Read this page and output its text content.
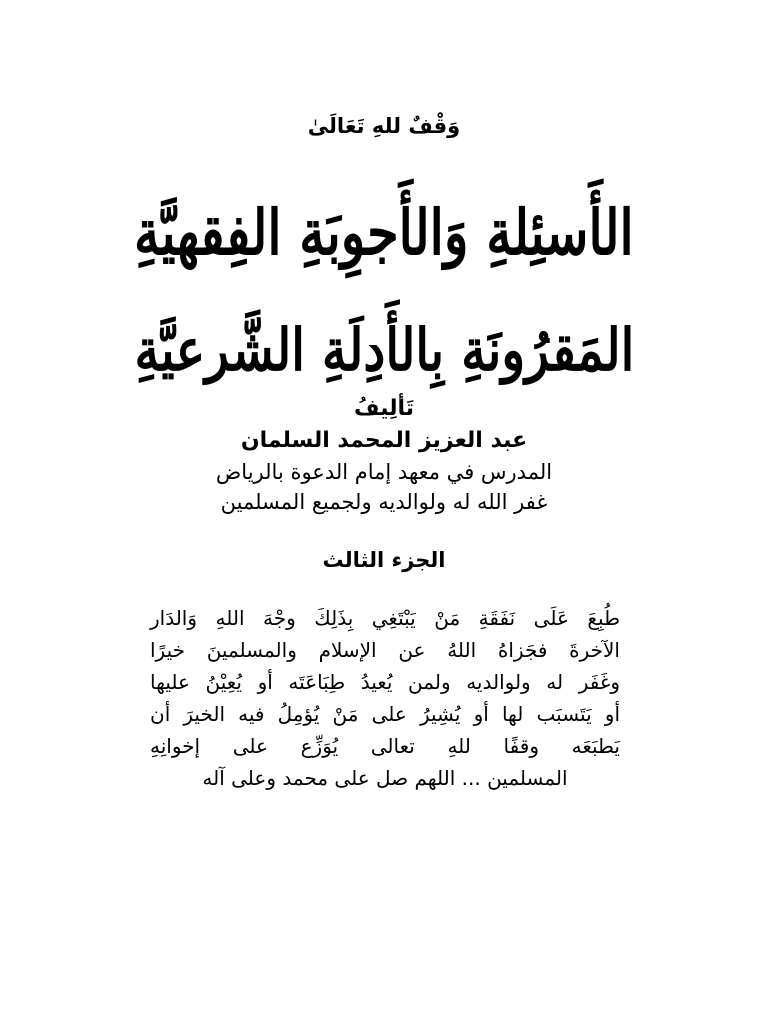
وَقْفٌ للهِ تَعَالَىٰ
الأَسئِلةِ وَالأَجوِبَةِ الفِقهيَّةِ
المَقرُونَةِ بِالأَدِلَةِ الشَّرعيَّةِ
تَألِيفُ
عبد العزيز المحمد السلمان
المدرس في معهد إمام الدعوة بالرياض
غفر الله له ولوالديه ولجميع المسلمين
الجزء الثالث
طُبِعَ عَلَى نَفَقَةِ مَنْ يَبْتَغِي بِذَلِكَ وجْهَ اللهِ وَالدَار
الآخرةَ فجَزاهُ اللهُ عن الإسلام والمسلمينَ خيرًا
وغَفَر له ولوالديه ولمن يُعيدُ طِبَاعَتَه أو يُعِيْنُ عليها
أو يَتَسبَب لها أو يُشِيرُ على مَنْ يُؤمِلُ فيه الخيرَ أن
يَطبَعَه وقفًا للهِ تعالى يُوَزِّع على إخوانِهِ
المسلمين ... اللهم صل على محمد وعلى آله
